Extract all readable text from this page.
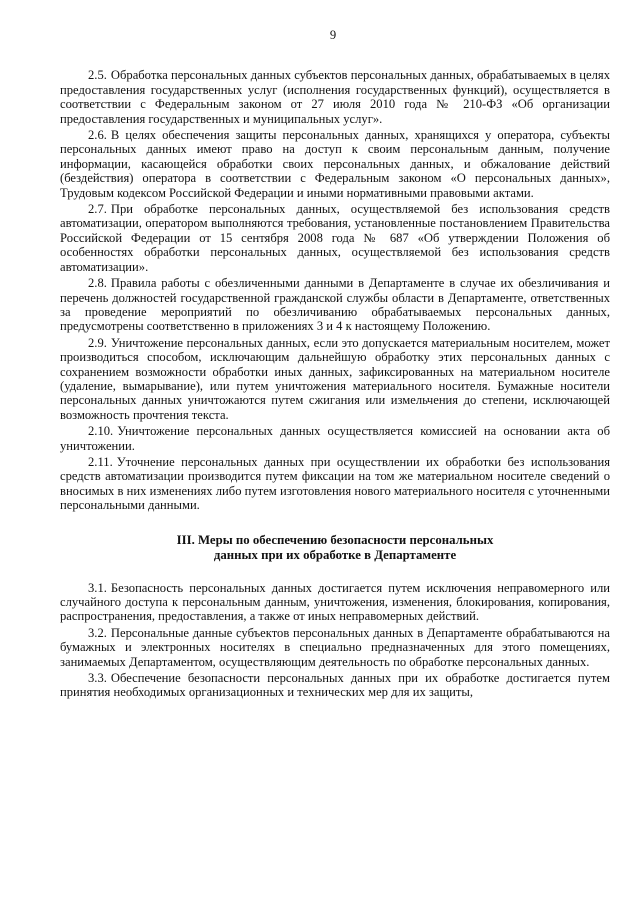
9

2.5. Обработка персональных данных субъектов персональных данных, обрабатываемых в целях предоставления государственных услуг (исполнения государственных функций), осуществляется в соответствии с Федеральным законом от 27 июля 2010 года № 210-ФЗ «Об организации предоставления государственных и муниципальных услуг».

2.6. В целях обеспечения защиты персональных данных, хранящихся у оператора, субъекты персональных данных имеют право на доступ к своим персональным данным, получение информации, касающейся обработки своих персональных данных, и обжалование действий (бездействия) оператора в соответствии с Федеральным законом «О персональных данных», Трудовым кодексом Российской Федерации и иными нормативными правовыми актами.

2.7. При обработке персональных данных, осуществляемой без использования средств автоматизации, оператором выполняются требования, установленные постановлением Правительства Российской Федерации от 15 сентября 2008 года № 687 «Об утверждении Положения об особенностях обработки персональных данных, осуществляемой без использования средств автоматизации».

2.8. Правила работы с обезличенными данными в Департаменте в случае их обезличивания и перечень должностей государственной гражданской службы области в Департаменте, ответственных за проведение мероприятий по обезличиванию обрабатываемых персональных данных, предусмотрены соответственно в приложениях 3 и 4 к настоящему Положению.

2.9. Уничтожение персональных данных, если это допускается материальным носителем, может производиться способом, исключающим дальнейшую обработку этих персональных данных с сохранением возможности обработки иных данных, зафиксированных на материальном носителе (удаление, вымарывание), или путем уничтожения материального носителя. Бумажные носители персональных данных уничтожаются путем сжигания или измельчения до степени, исключающей возможность прочтения текста.

2.10. Уничтожение персональных данных осуществляется комиссией на основании акта об уничтожении.

2.11. Уточнение персональных данных при осуществлении их обработки без использования средств автоматизации производится путем фиксации на том же материальном носителе сведений о вносимых в них изменениях либо путем изготовления нового материального носителя с уточненными персональными данными.

III. Меры по обеспечению безопасности персональных
данных при их обработке в Департаменте

3.1. Безопасность персональных данных достигается путем исключения неправомерного или случайного доступа к персональным данным, уничтожения, изменения, блокирования, копирования, распространения, предоставления, а также от иных неправомерных действий.

3.2. Персональные данные субъектов персональных данных в Департаменте обрабатываются на бумажных и электронных носителях в специально предназначенных для этого помещениях, занимаемых Департаментом, осуществляющим деятельность по обработке персональных данных.

3.3. Обеспечение безопасности персональных данных при их обработке достигается путем принятия необходимых организационных и технических мер для их защиты,
